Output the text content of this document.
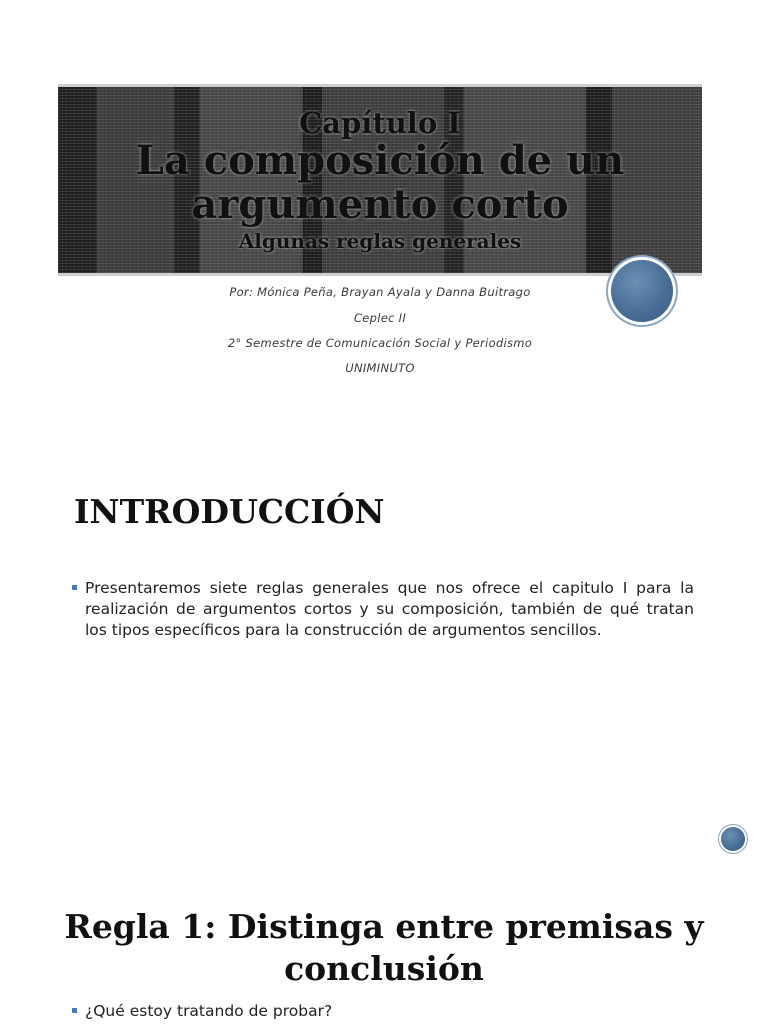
Capítulo I
La composición de un argumento corto
Algunas reglas generales
Por: Mónica Peña, Brayan Ayala y Danna Buitrago
Ceplec II
2° Semestre de Comunicación Social y Periodismo
UNIMINUTO
INTRODUCCIÓN
Presentaremos siete reglas generales que nos ofrece el capitulo I para la realización de argumentos cortos y su composición, también de qué tratan los tipos específicos para la construcción de argumentos sencillos.
Regla 1: Distinga entre premisas y conclusión
¿Qué estoy tratando de probar?
